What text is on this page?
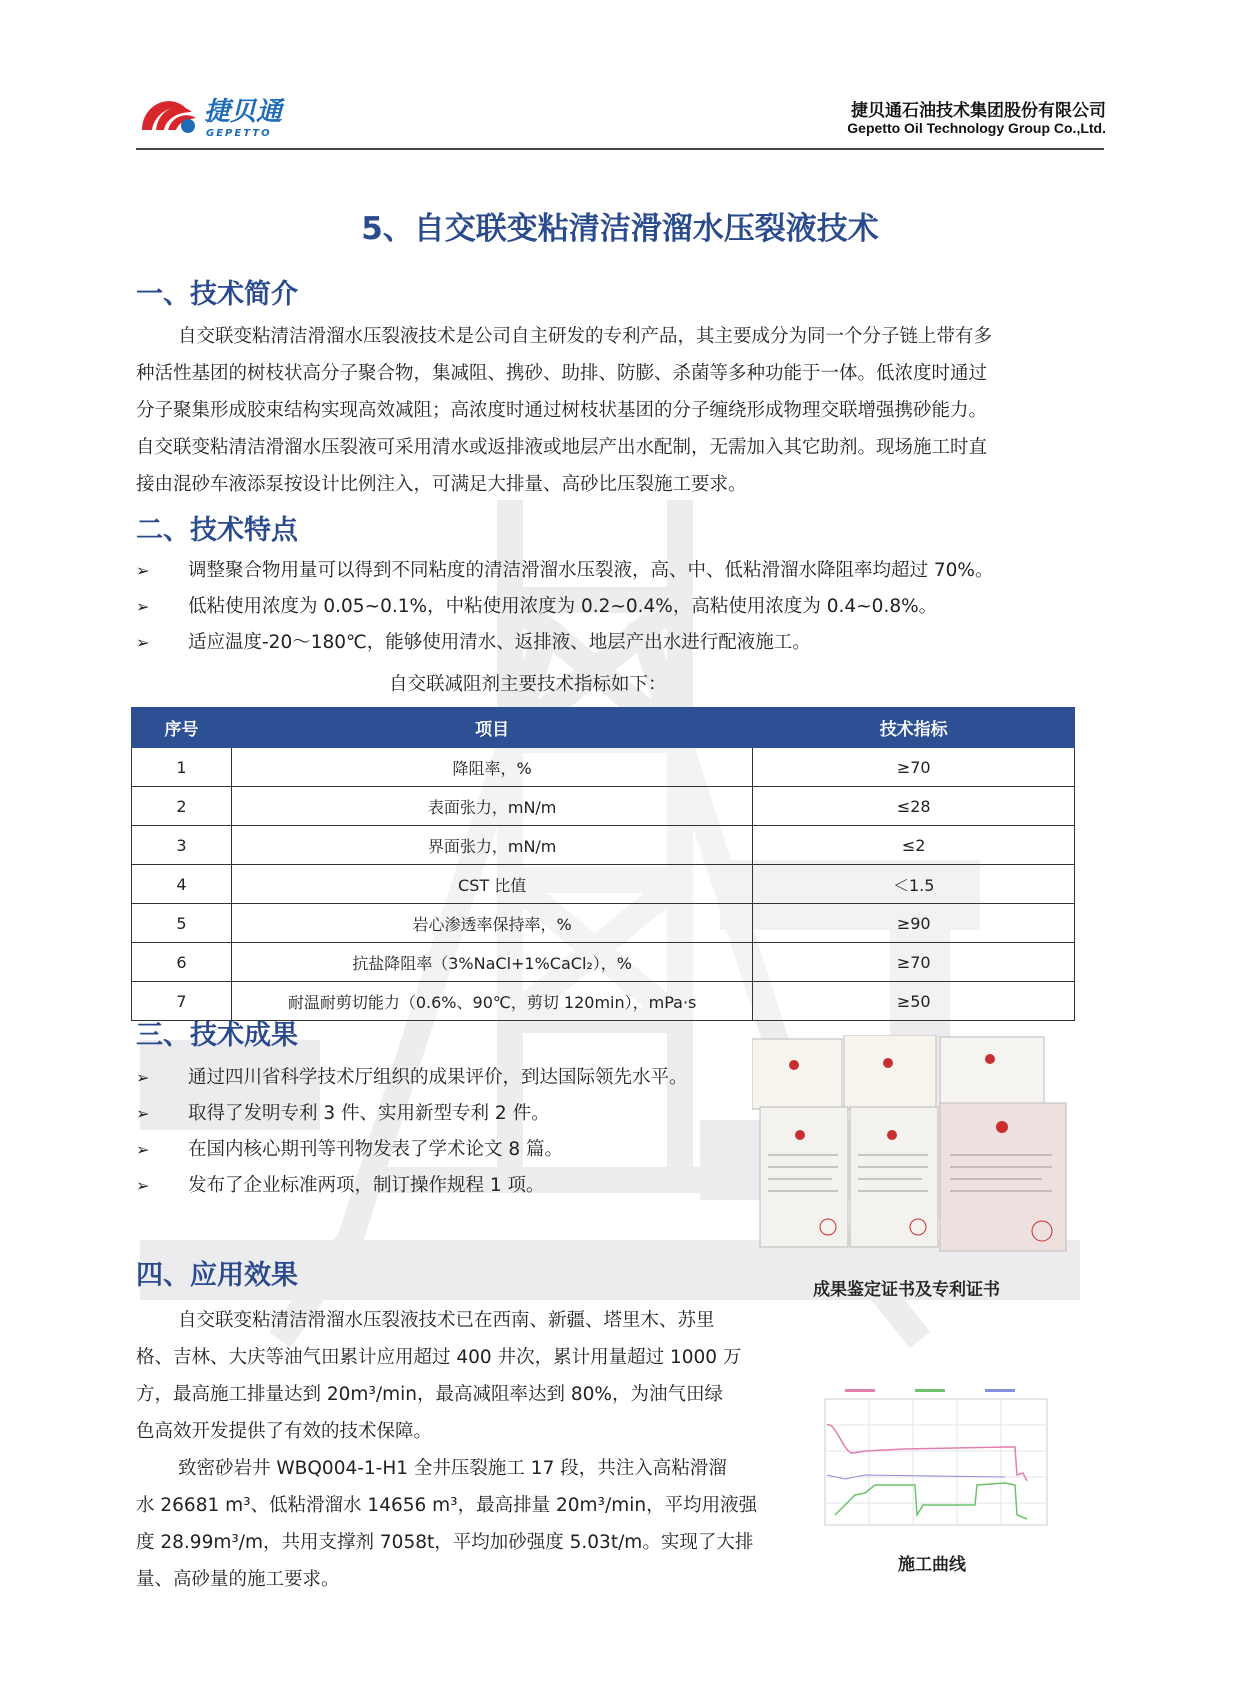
捷贝通
GEPETTO
捷贝通石油技术集团股份有限公司
Gepetto Oil Technology Group Co.,Ltd.
5、自交联变粘清洁滑溜水压裂液技术
一、技术简介
自交联变粘清洁滑溜水压裂液技术是公司自主研发的专利产品，其主要成分为同一个分子链上带有多
种活性基团的树枝状高分子聚合物，集减阻、携砂、助排、防膨、杀菌等多种功能于一体。低浓度时通过
分子聚集形成胶束结构实现高效减阻；高浓度时通过树枝状基团的分子缠绕形成物理交联增强携砂能力。
自交联变粘清洁滑溜水压裂液可采用清水或返排液或地层产出水配制，无需加入其它助剂。现场施工时直
接由混砂车液添泵按设计比例注入，可满足大排量、高砂比压裂施工要求。
二、技术特点
➢ 调整聚合物用量可以得到不同粘度的清洁滑溜水压裂液，高、中、低粘滑溜水降阻率均超过 70%。
➢ 低粘使用浓度为 0.05~0.1%，中粘使用浓度为 0.2~0.4%，高粘使用浓度为 0.4~0.8%。
➢ 适应温度-20～180℃，能够使用清水、返排液、地层产出水进行配液施工。
自交联减阻剂主要技术指标如下：
序号	项目	技术指标
1	降阻率，%	≥70
2	表面张力，mN/m	≤28
3	界面张力，mN/m	≤2
4	CST 比值	＜1.5
5	岩心渗透率保持率，%	≥90
6	抗盐降阻率（3%NaCl+1%CaCl₂），%	≥70
7	耐温耐剪切能力（0.6%、90℃，剪切 120min），mPa·s	≥50
三、技术成果
➢ 通过四川省科学技术厅组织的成果评价，到达国际领先水平。
➢ 取得了发明专利 3 件、实用新型专利 2 件。
➢ 在国内核心期刊等刊物发表了学术论文 8 篇。
➢ 发布了企业标准两项，制订操作规程 1 项。
成果鉴定证书及专利证书
四、应用效果
自交联变粘清洁滑溜水压裂液技术已在西南、新疆、塔里木、苏里
格、吉林、大庆等油气田累计应用超过 400 井次，累计用量超过 1000 万
方，最高施工排量达到 20m³/min，最高减阻率达到 80%，为油气田绿
色高效开发提供了有效的技术保障。
致密砂岩井 WBQ004-1-H1 全井压裂施工 17 段，共注入高粘滑溜
水 26681 m³、低粘滑溜水 14656 m³，最高排量 20m³/min，平均用液强
度 28.99m³/m，共用支撑剂 7058t，平均加砂强度 5.03t/m。实现了大排
量、高砂量的施工要求。
施工曲线
